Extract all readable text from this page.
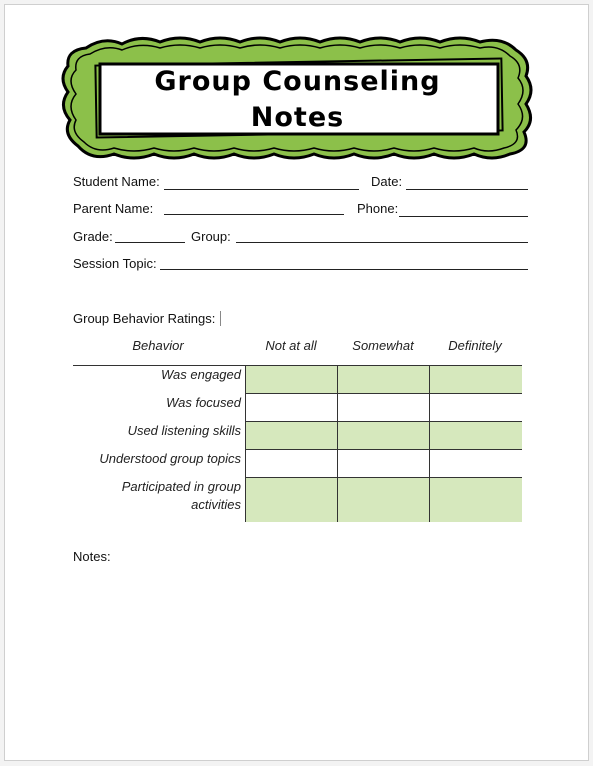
Group Counseling
Notes
Student Name:	Date:
Parent Name:	Phone:
Grade:	Group:
Session Topic:
Group Behavior Ratings:
Behavior	Not at all	Somewhat	Definitely
Was engaged
Was focused
Used listening skills
Understood group topics
Participated in group activities
Notes:
